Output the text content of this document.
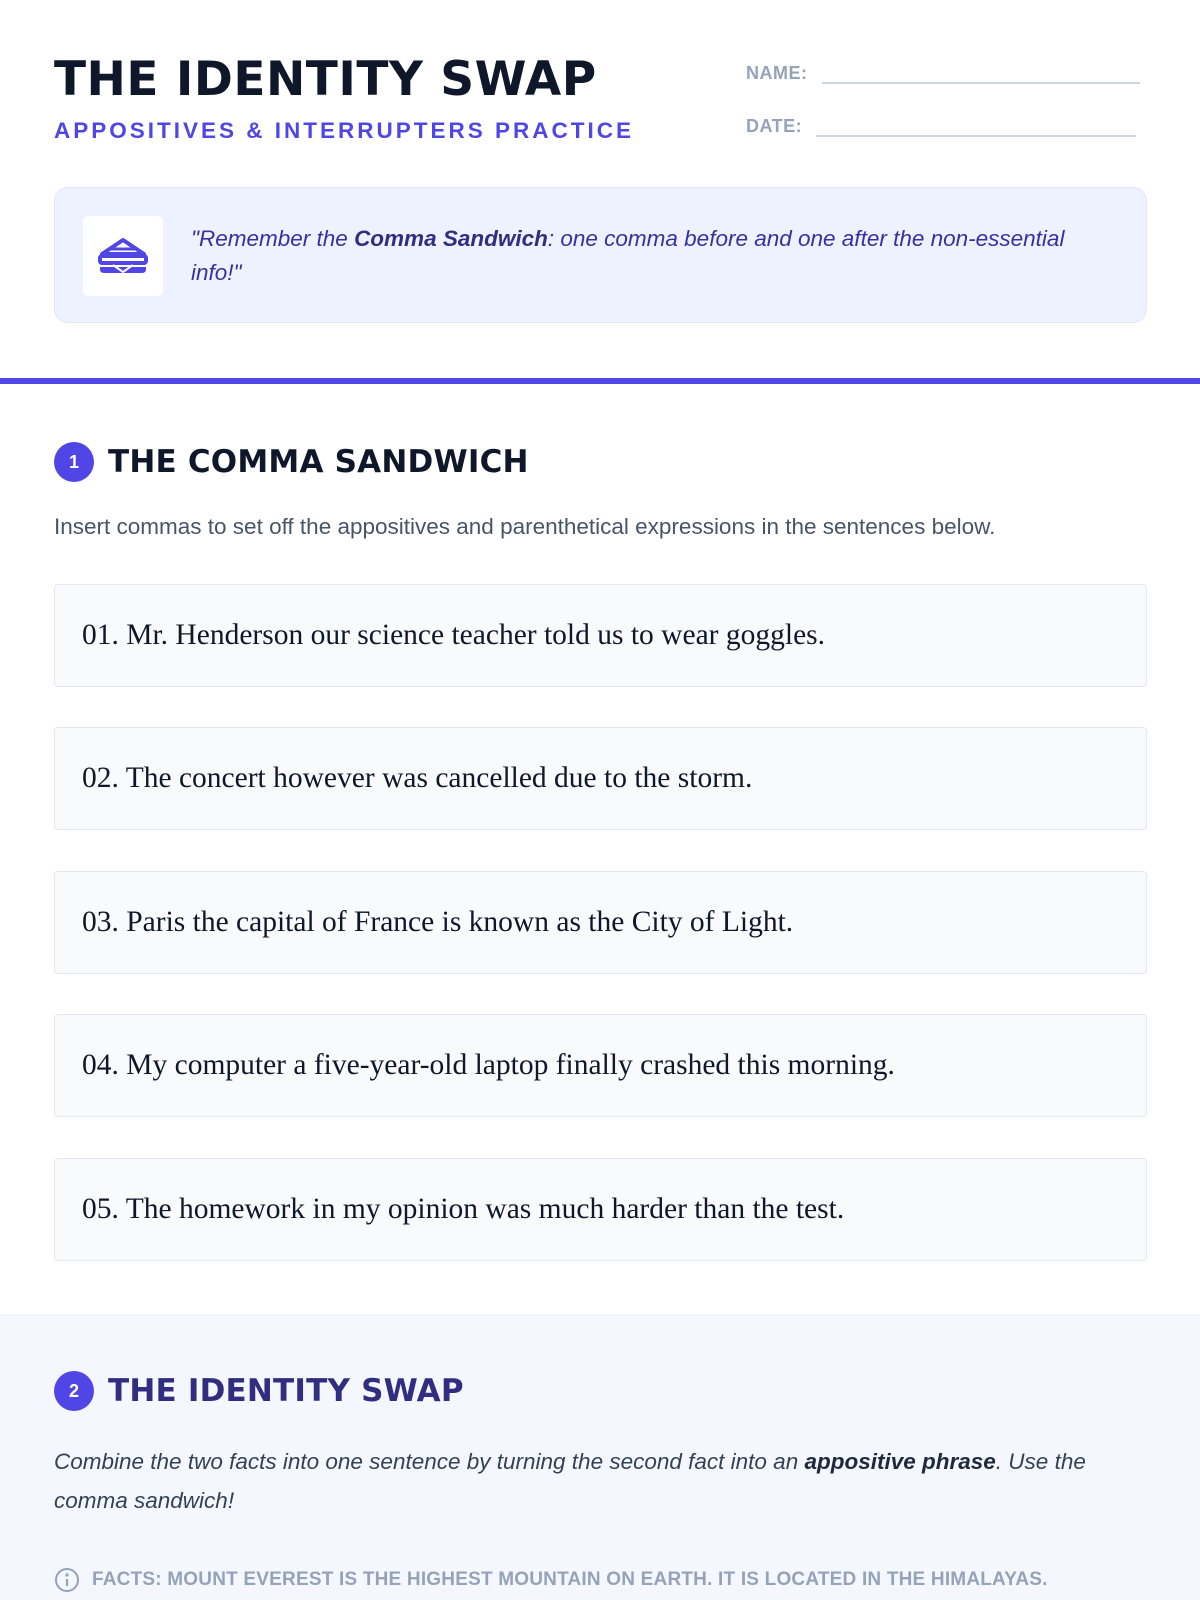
THE IDENTITY SWAP
APPOSITIVES & INTERRUPTERS PRACTICE
NAME:
DATE:
"Remember the Comma Sandwich: one comma before and one after the non-essential info!"
1 THE COMMA SANDWICH
Insert commas to set off the appositives and parenthetical expressions in the sentences below.
01. Mr. Henderson our science teacher told us to wear goggles.
02. The concert however was cancelled due to the storm.
03. Paris the capital of France is known as the City of Light.
04. My computer a five-year-old laptop finally crashed this morning.
05. The homework in my opinion was much harder than the test.
2 THE IDENTITY SWAP
Combine the two facts into one sentence by turning the second fact into an appositive phrase. Use the comma sandwich!
FACTS: MOUNT EVEREST IS THE HIGHEST MOUNTAIN ON EARTH. IT IS LOCATED IN THE HIMALAYAS.
